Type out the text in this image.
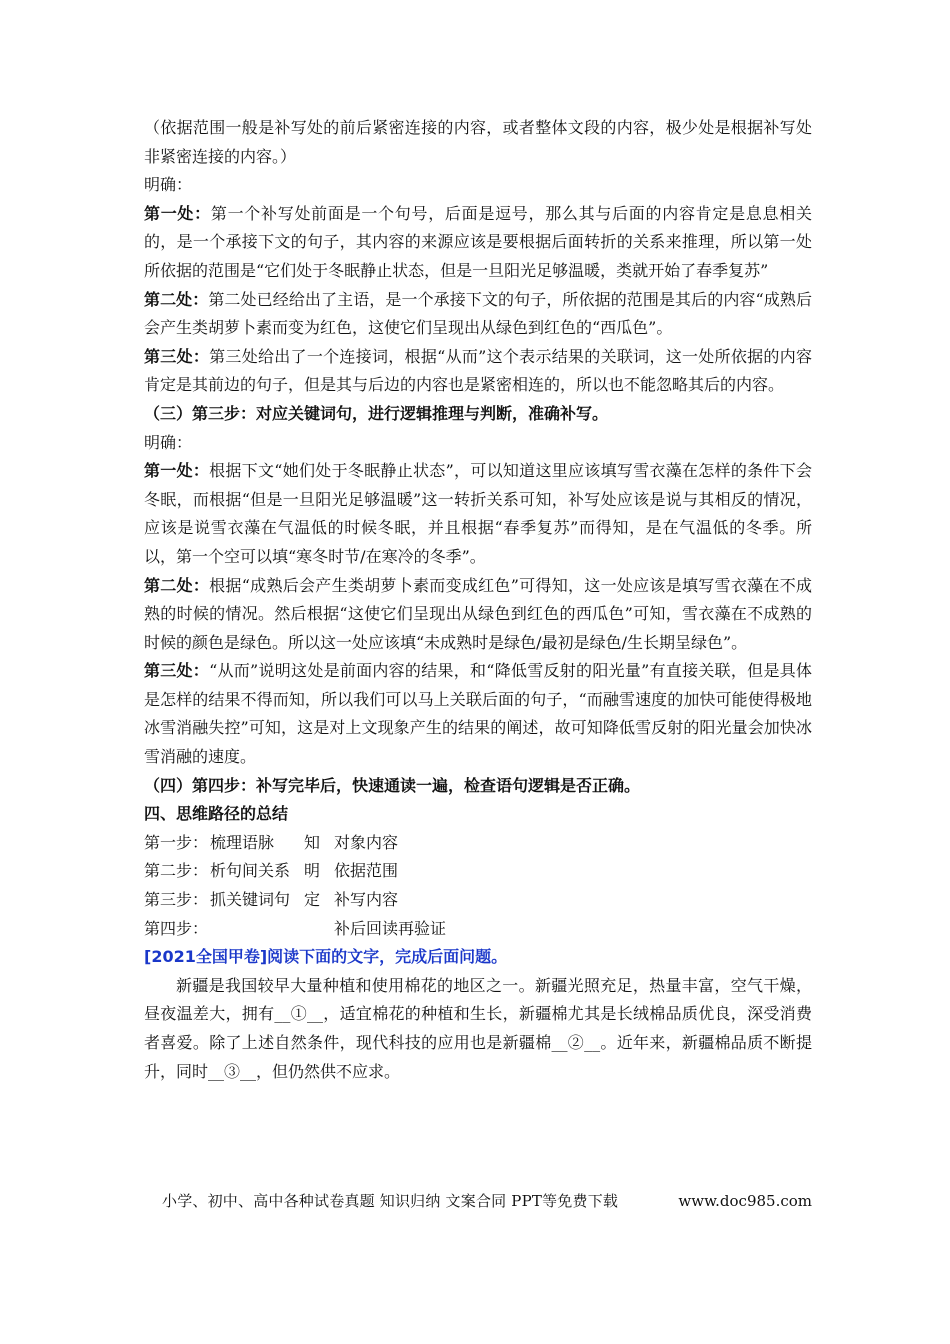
（依据范围一般是补写处的前后紧密连接的内容，或者整体文段的内容，极少处是根据补写处非紧密连接的内容。）

明确：

第一处：第一个补写处前面是一个句号，后面是逗号，那么其与后面的内容肯定是息息相关的，是一个承接下文的句子，其内容的来源应该是要根据后面转折的关系来推理，所以第一处所依据的范围是“它们处于冬眠静止状态，但是一旦阳光足够温暖，类就开始了春季复苏”

第二处：第二处已经给出了主语，是一个承接下文的句子，所依据的范围是其后的内容“成熟后会产生类胡萝卜素而变为红色，这使它们呈现出从绿色到红色的“西瓜色”。

第三处：第三处给出了一个连接词，根据“从而”这个表示结果的关联词，这一处所依据的内容肯定是其前边的句子，但是其与后边的内容也是紧密相连的，所以也不能忽略其后的内容。

（三）第三步：对应关键词句，进行逻辑推理与判断，准确补写。

明确：

第一处：根据下文“她们处于冬眠静止状态”，可以知道这里应该填写雪衣藻在怎样的条件下会冬眠，而根据“但是一旦阳光足够温暖”这一转折关系可知，补写处应该是说与其相反的情况，应该是说雪衣藻在气温低的时候冬眠，并且根据“春季复苏”而得知，是在气温低的冬季。所以，第一个空可以填“寒冬时节/在寒冷的冬季”。

第二处：根据“成熟后会产生类胡萝卜素而变成红色”可得知，这一处应该是填写雪衣藻在不成熟的时候的情况。然后根据“这使它们呈现出从绿色到红色的西瓜色”可知，雪衣藻在不成熟的时候的颜色是绿色。所以这一处应该填“未成熟时是绿色/最初是绿色/生长期呈绿色”。

第三处：“从而”说明这处是前面内容的结果，和“降低雪反射的阳光量”有直接关联，但是具体是怎样的结果不得而知，所以我们可以马上关联后面的句子，“而融雪速度的加快可能使得极地冰雪消融失控”可知，这是对上文现象产生的结果的阐述，故可知降低雪反射的阳光量会加快冰雪消融的速度。

（四）第四步：补写完毕后，快速通读一遍，检查语句逻辑是否正确。

四、思维路径的总结

第一步： 梳理语脉	知 对象内容
第二步： 析句间关系 明 依据范围
第三步： 抓关键词句 定 补写内容
第四步：	补后回读再验证

[2021全国甲卷]阅读下面的文字，完成后面问题。

新疆是我国较早大量种植和使用棉花的地区之一。新疆光照充足，热量丰富，空气干燥，昼夜温差大，拥有__①__，适宜棉花的种植和生长，新疆棉尤其是长绒棉品质优良，深受消费者喜爱。除了上述自然条件，现代科技的应用也是新疆棉__②__。近年来，新疆棉品质不断提升，同时__③__，但仍然供不应求。

小学、初中、高中各种试卷真题 知识归纳 文案合同 PPT等免费下载	www.doc985.com
